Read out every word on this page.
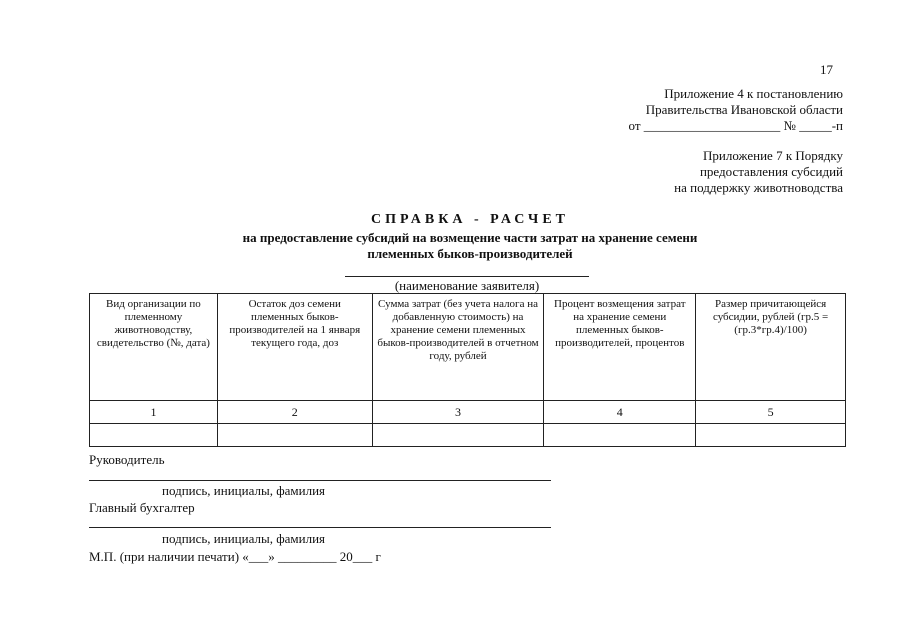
17
Приложение 4 к постановлению
Правительства Ивановской области
от _____________________ № _____-п
Приложение 7 к Порядку
предоставления субсидий
на поддержку животноводства
СПРАВКА - РАСЧЕТ
на предоставление субсидий на возмещение части затрат на хранение семени
племенных быков-производителей
(наименование заявителя)
Вид организации по племенному животноводству, свидетельство (№, дата)	Остаток доз семени племенных быков-производителей на 1 января текущего года, доз	Сумма затрат (без учета налога на добавленную стоимость) на хранение семени племенных быков-производителей в отчетном году, рублей	Процент возмещения затрат на хранение семени племенных быков-производителей, процентов	Размер причитающейся субсидии, рублей (гр.5 = (гр.3*гр.4)/100)
1	2	3	4	5

Руководитель
подпись, инициалы, фамилия
Главный бухгалтер
подпись, инициалы, фамилия
М.П. (при наличии печати) «___» _________ 20___ г
